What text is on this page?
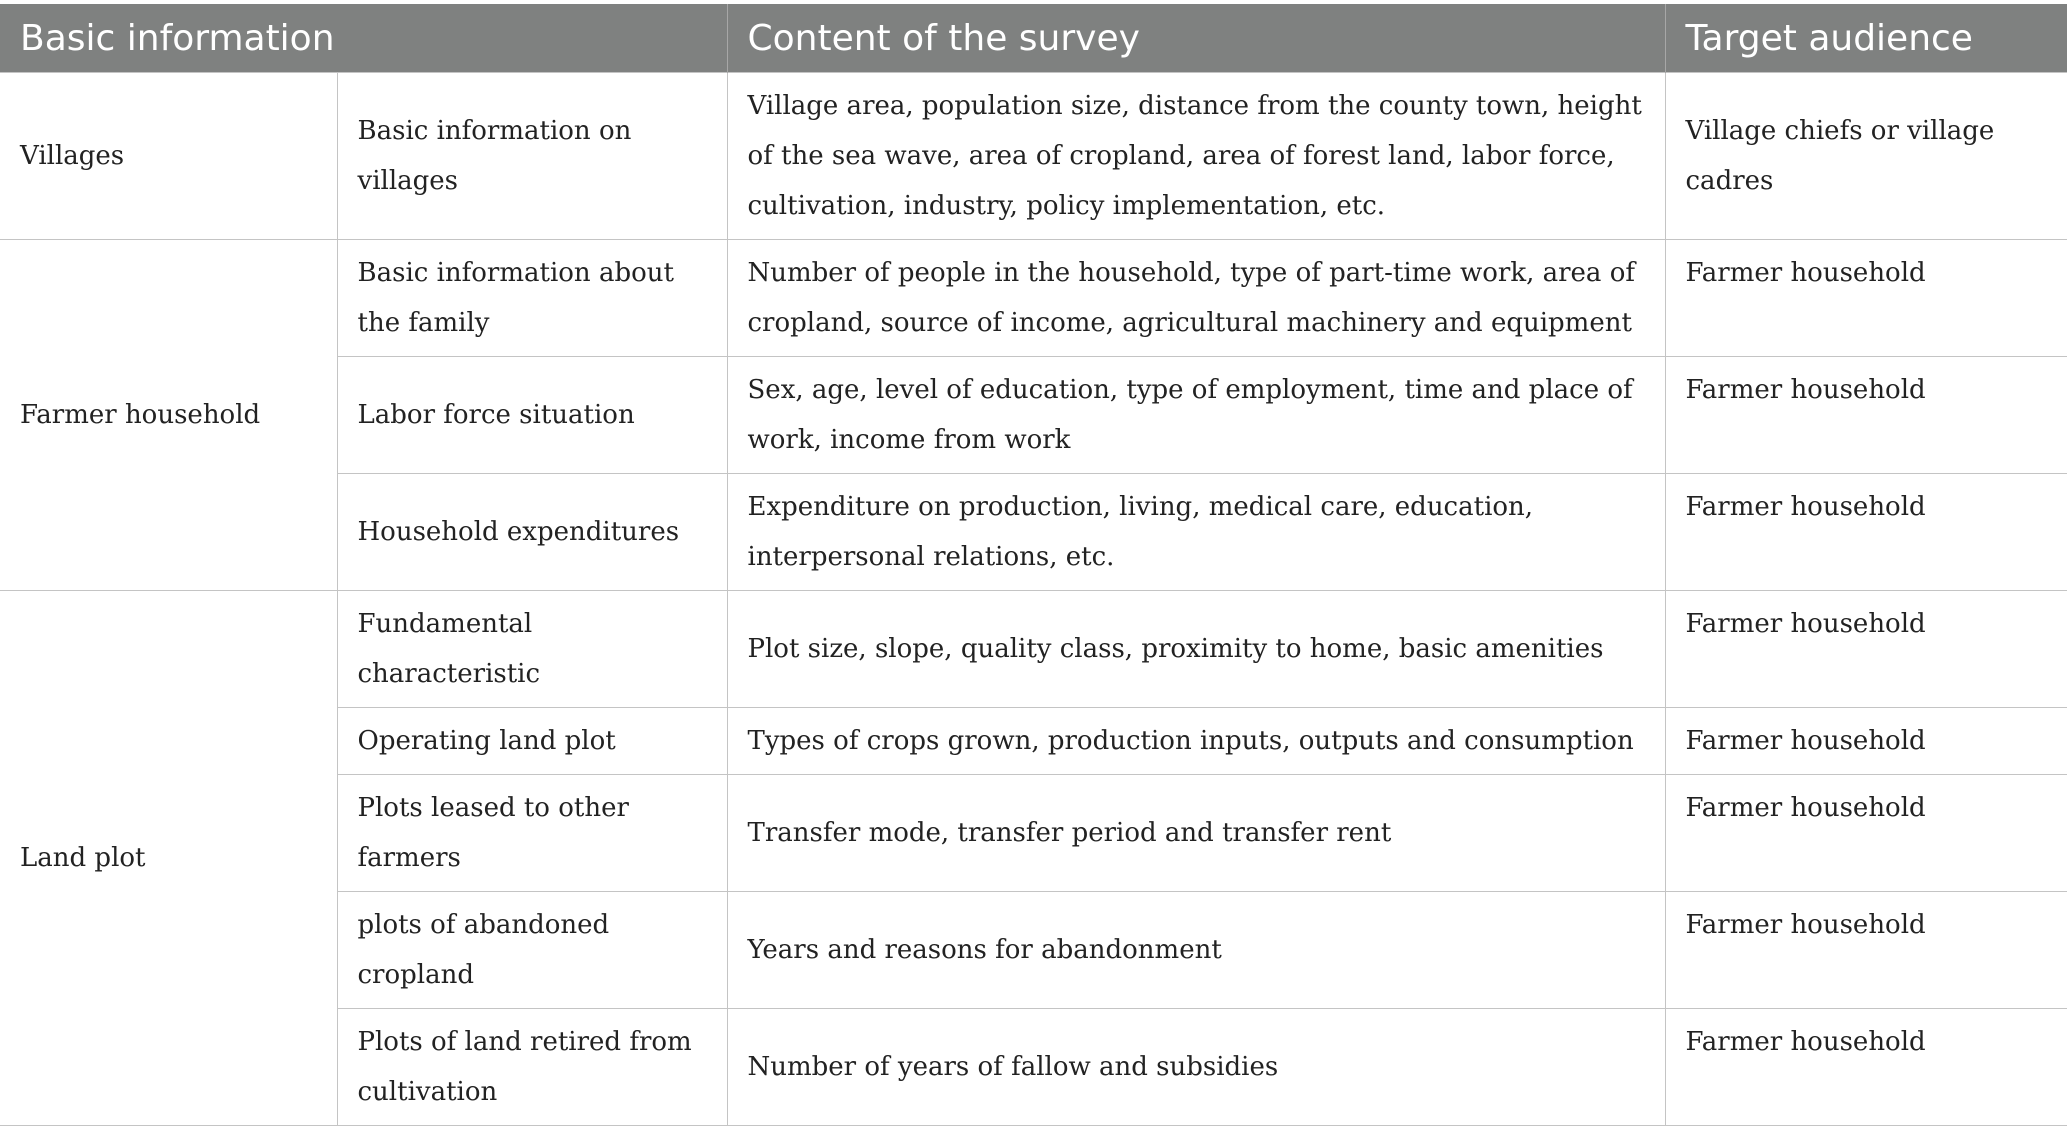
Basic information		Content of the survey	Target audience
Villages	Basic information on villages	Village area, population size, distance from the county town, height of the sea wave, area of cropland, area of forest land, labor force, cultivation, industry, policy implementation, etc.	Village chiefs or village cadres
Farmer household	Basic information about the family	Number of people in the household, type of part-time work, area of cropland, source of income, agricultural machinery and equipment	Farmer household
	Labor force situation	Sex, age, level of education, type of employment, time and place of work, income from work	Farmer household
	Household expenditures	Expenditure on production, living, medical care, education, interpersonal relations, etc.	Farmer household
Land plot	Fundamental characteristic	Plot size, slope, quality class, proximity to home, basic amenities	Farmer household
	Operating land plot	Types of crops grown, production inputs, outputs and consumption	Farmer household
	Plots leased to other farmers	Transfer mode, transfer period and transfer rent	Farmer household
	plots of abandoned cropland	Years and reasons for abandonment	Farmer household
	Plots of land retired from cultivation	Number of years of fallow and subsidies	Farmer household
